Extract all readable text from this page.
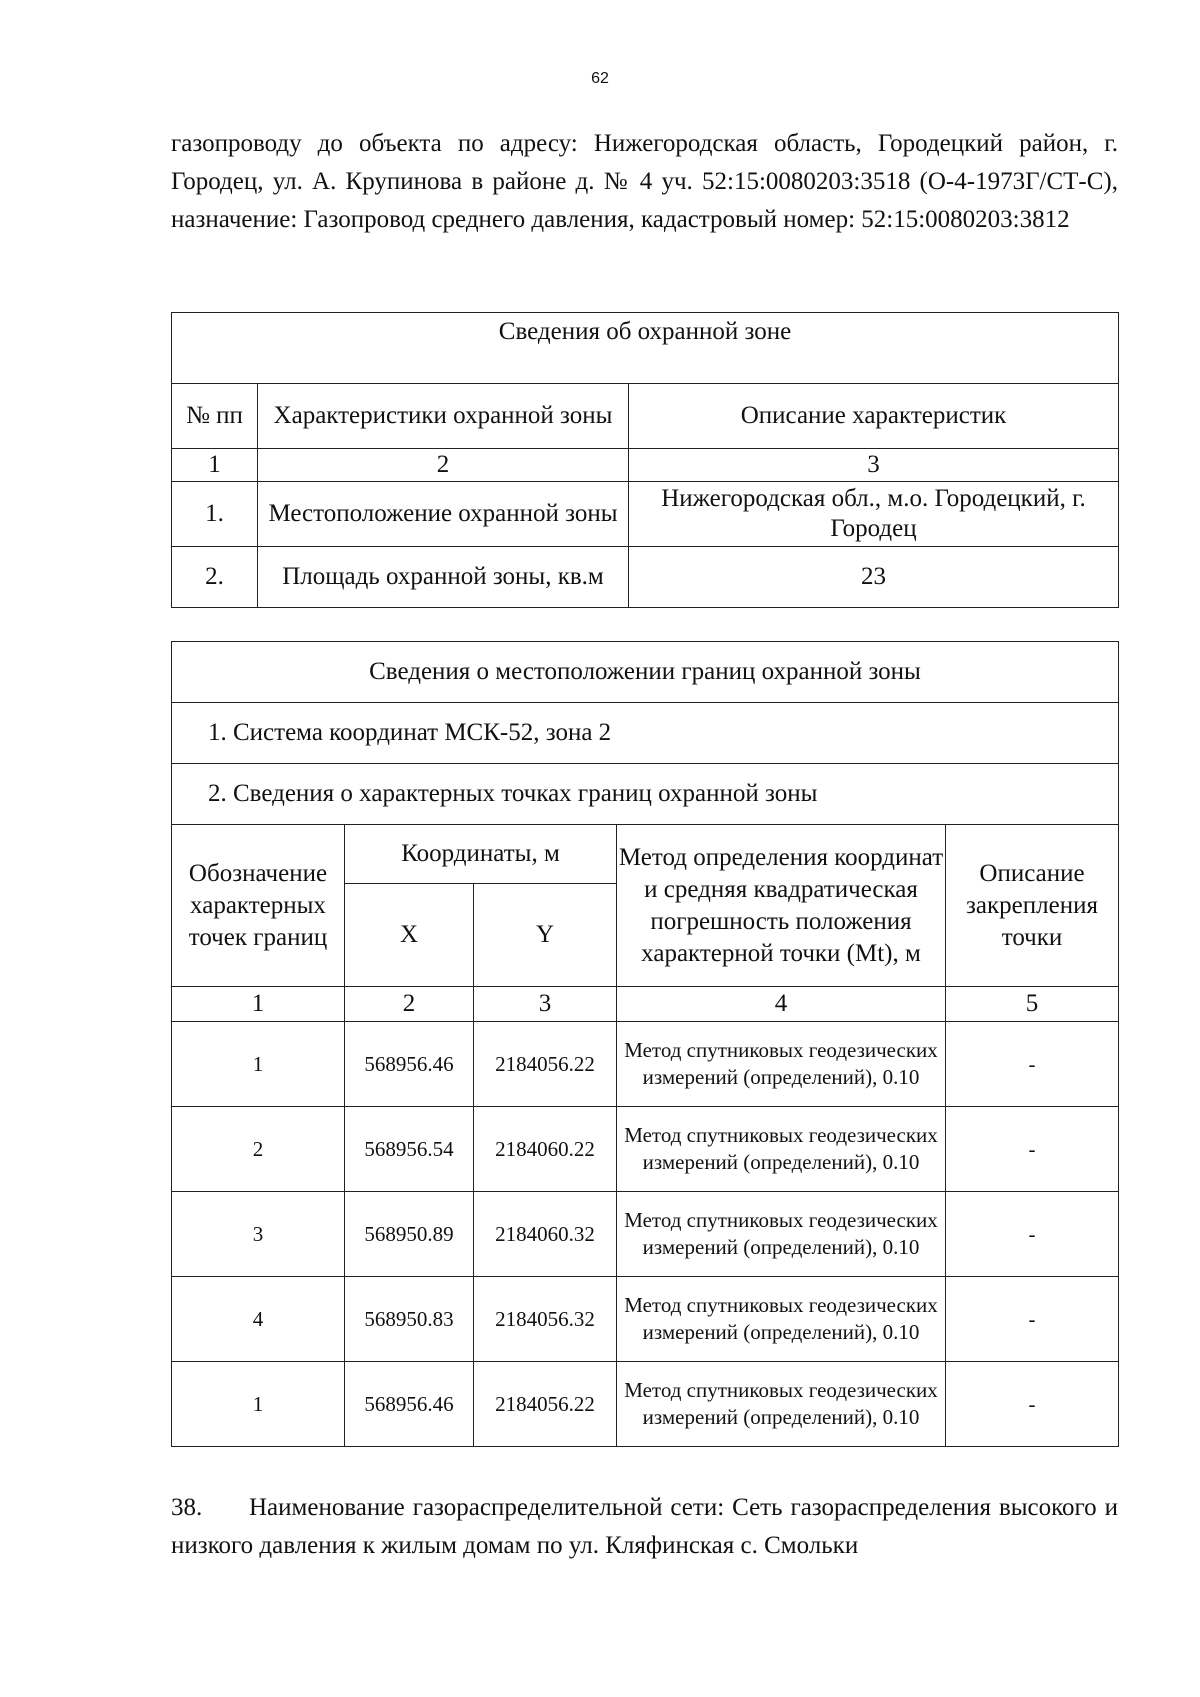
62

газопроводу до объекта по адресу: Нижегородская область, Городецкий район, г. Городец, ул. А. Крупинова в районе д. № 4 уч. 52:15:0080203:3518 (О-4-1973Г/СТ-С), назначение: Газопровод среднего давления, кадастровый номер: 52:15:0080203:3812

Сведения об охранной зоне		
№ пп	Характеристики охранной зоны	Описание характеристик
1	2	3
1.	Местоположение охранной зоны	Нижегородская обл., м.о. Городецкий, г. Городец
2.	Площадь охранной зоны, кв.м	23
Сведения о местоположении границ охранной зоны				
1. Система координат МСК-52, зона 2				
2. Сведения о характерных точках границ охранной зоны				
Обозначение характерных точек границ	Координаты, м		Метод определения координат и средняя квадратическая погрешность положения характерной точки (Mt), м	Описание закрепления точки
	X	Y		
1	2	3	4	5
1	568956.46	2184056.22	Метод спутниковых геодезических измерений (определений), 0.10	-
2	568956.54	2184060.22	Метод спутниковых геодезических измерений (определений), 0.10	-
3	568950.89	2184060.32	Метод спутниковых геодезических измерений (определений), 0.10	-
4	568950.83	2184056.32	Метод спутниковых геодезических измерений (определений), 0.10	-
1	568956.46	2184056.22	Метод спутниковых геодезических измерений (определений), 0.10	-

38. Наименование газораспределительной сети: Сеть газораспределения высокого и низкого давления к жилым домам по ул. Кляфинская с. Смольки
